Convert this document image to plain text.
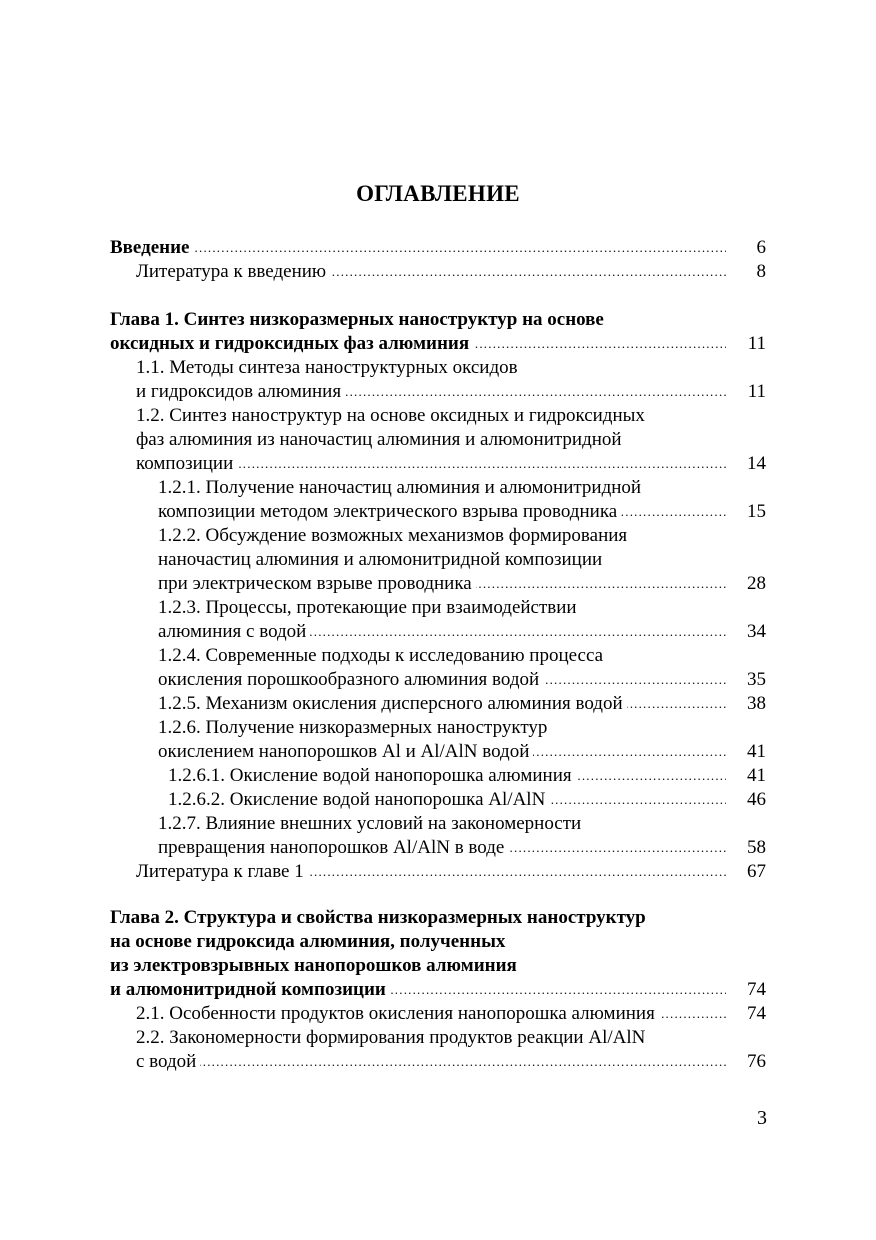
ОГЛАВЛЕНИЕ
.....
Введение	6
.....
Литература к введению	8
Глава 1. Синтез низкоразмерных наноструктур на основе
.....
оксидных и гидроксидных фаз алюминия	11
1.1. Методы синтеза наноструктурных оксидов
.....
и гидроксидов алюминия	11
1.2. Синтез наноструктур на основе оксидных и гидроксидных
фаз алюминия из наночастиц алюминия и алюмонитридной
.....
композиции	14
1.2.1. Получение наночастиц алюминия и алюмонитридной
.....
композиции методом электрического взрыва проводника	15
1.2.2. Обсуждение возможных механизмов формирования
наночастиц алюминия и алюмонитридной композиции
.....
при электрическом взрыве проводника	28
1.2.3. Процессы, протекающие при взаимодействии
.....
алюминия с водой	34
1.2.4. Современные подходы к исследованию процесса
.....
окисления порошкообразного алюминия водой	35
.....
1.2.5. Механизм окисления дисперсного алюминия водой	38
1.2.6. Получение низкоразмерных наноструктур
.....
окислением нанопорошков Al и Al/AlN водой	41
.....
1.2.6.1. Окисление водой нанопорошка алюминия	41
.....
1.2.6.2. Окисление водой нанопорошка Al/AlN	46
1.2.7. Влияние внешних условий на закономерности
.....
превращения нанопорошков Al/AlN в воде	58
.....
Литература к главе 1	67
Глава 2. Структура и свойства низкоразмерных наноструктур
на основе гидроксида алюминия, полученных
из электровзрывных нанопорошков алюминия
.....
и алюмонитридной композиции	74
.....
2.1. Особенности продуктов окисления нанопорошка алюминия	74
2.2. Закономерности формирования продуктов реакции Al/AlN
.....
с водой	76
3
